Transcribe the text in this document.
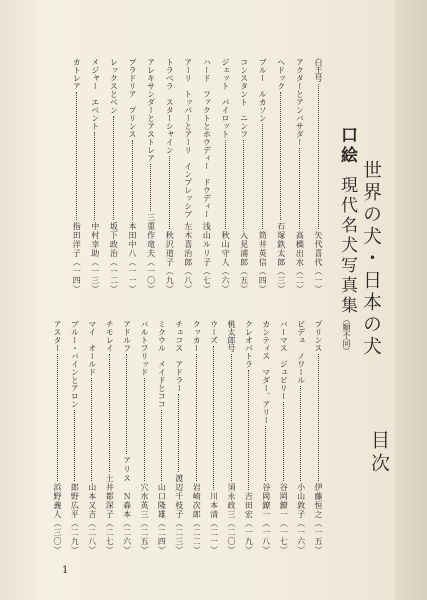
世界の犬・日本の犬
目次
口絵
現代名犬写真集
（順不同）
白王号
矢代喜代（一）
アクターとアンバサダー
高橋出水（二）
ヘドック
石塚鉄太郎（三）
ブルー　ルカソン
筒井英信（四）
コンスタント　ニンフ
入見浦郎（五）
ジェット　パイロット
秋山守人（六）
ハード　ファクトとホウディー　ドウディー
浅山ルリ子（七）
アーリ　トッパーとアーリ　インプレッシブ
左木喜治郎（八）
トラベラ　スターシャイン
秋沢道子（九）
アレキサンダーとアストレア
三重作竜夫（一〇）
ブラドリア　プリンス
本田中八（一一）
レックスとベン
坂下政治（一二）
メジャー　エベント
中村幸助（一三）
カトレア
指田洋子（一四）
プリンス
伊藤恒之（一五）
ビデュ　ノワール
小山敦子（一六）
バーマス　ジュピリー
谷岡鐐一（一七）
カンティス　マダー、アリー
谷岡鐐一（一八）
クレオパトラ
吉田宏（一九）
桃太郎号
須永政三（二〇）
ウーズ
川本清（二一）
クッカー
岩崎次郎（二二）
チェコス　アドラー
渡辺千枝子（二三）
ミクウル　メイドとココ
山口隆雄（二四）
バルトフリッド
穴水英三（二五）
アドルフ
アリス　Ｎ森本（二六）
チモレイ
土井都深子（二七）
マイ　オールド
山本又吉（二八）
ブルー・バインとアロン
郎野広平（二九）
アスター
浜野義人（三〇）
1
